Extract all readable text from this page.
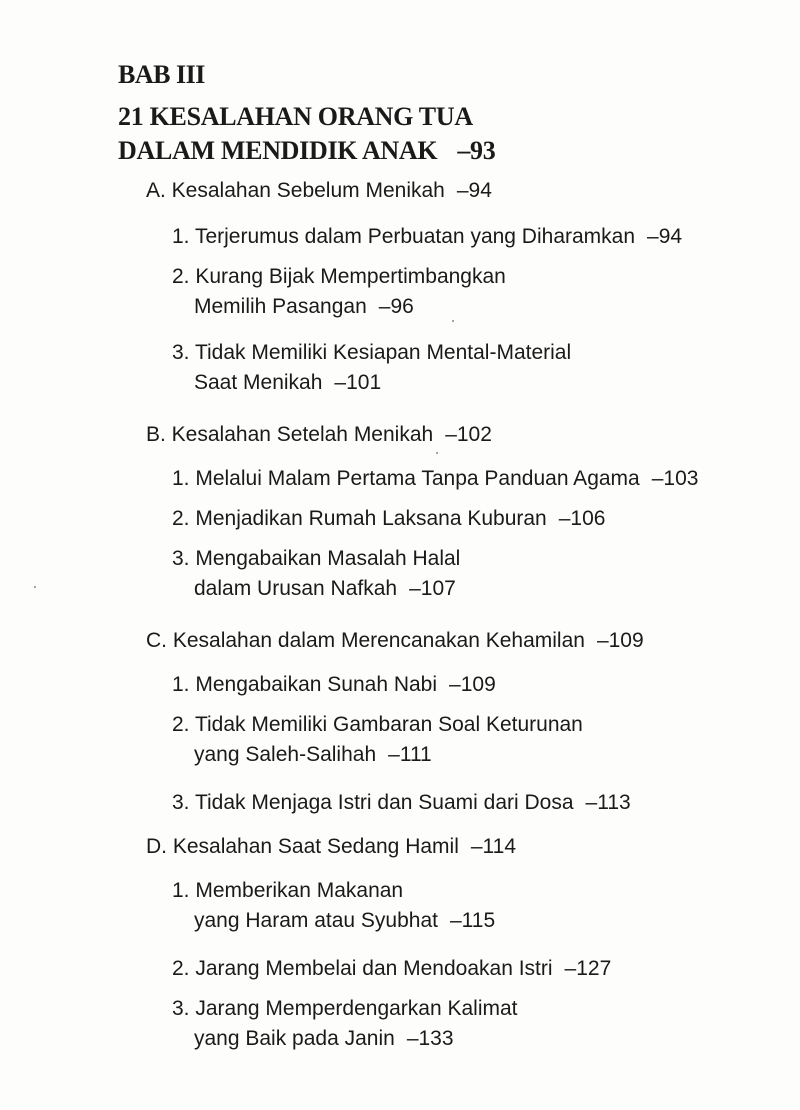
BAB III
21 KESALAHAN ORANG TUA
DALAM MENDIDIK ANAK –93
A. Kesalahan Sebelum Menikah –94
1. Terjerumus dalam Perbuatan yang Diharamkan –94
2. Kurang Bijak Mempertimbangkan
Memilih Pasangan –96
3. Tidak Memiliki Kesiapan Mental-Material
Saat Menikah –101
B. Kesalahan Setelah Menikah –102
1. Melalui Malam Pertama Tanpa Panduan Agama –103
2. Menjadikan Rumah Laksana Kuburan –106
3. Mengabaikan Masalah Halal
dalam Urusan Nafkah –107
C. Kesalahan dalam Merencanakan Kehamilan –109
1. Mengabaikan Sunah Nabi –109
2. Tidak Memiliki Gambaran Soal Keturunan
yang Saleh-Salihah –111
3. Tidak Menjaga Istri dan Suami dari Dosa –113
D. Kesalahan Saat Sedang Hamil –114
1. Memberikan Makanan
yang Haram atau Syubhat –115
2. Jarang Membelai dan Mendoakan Istri –127
3. Jarang Memperdengarkan Kalimat
yang Baik pada Janin –133
